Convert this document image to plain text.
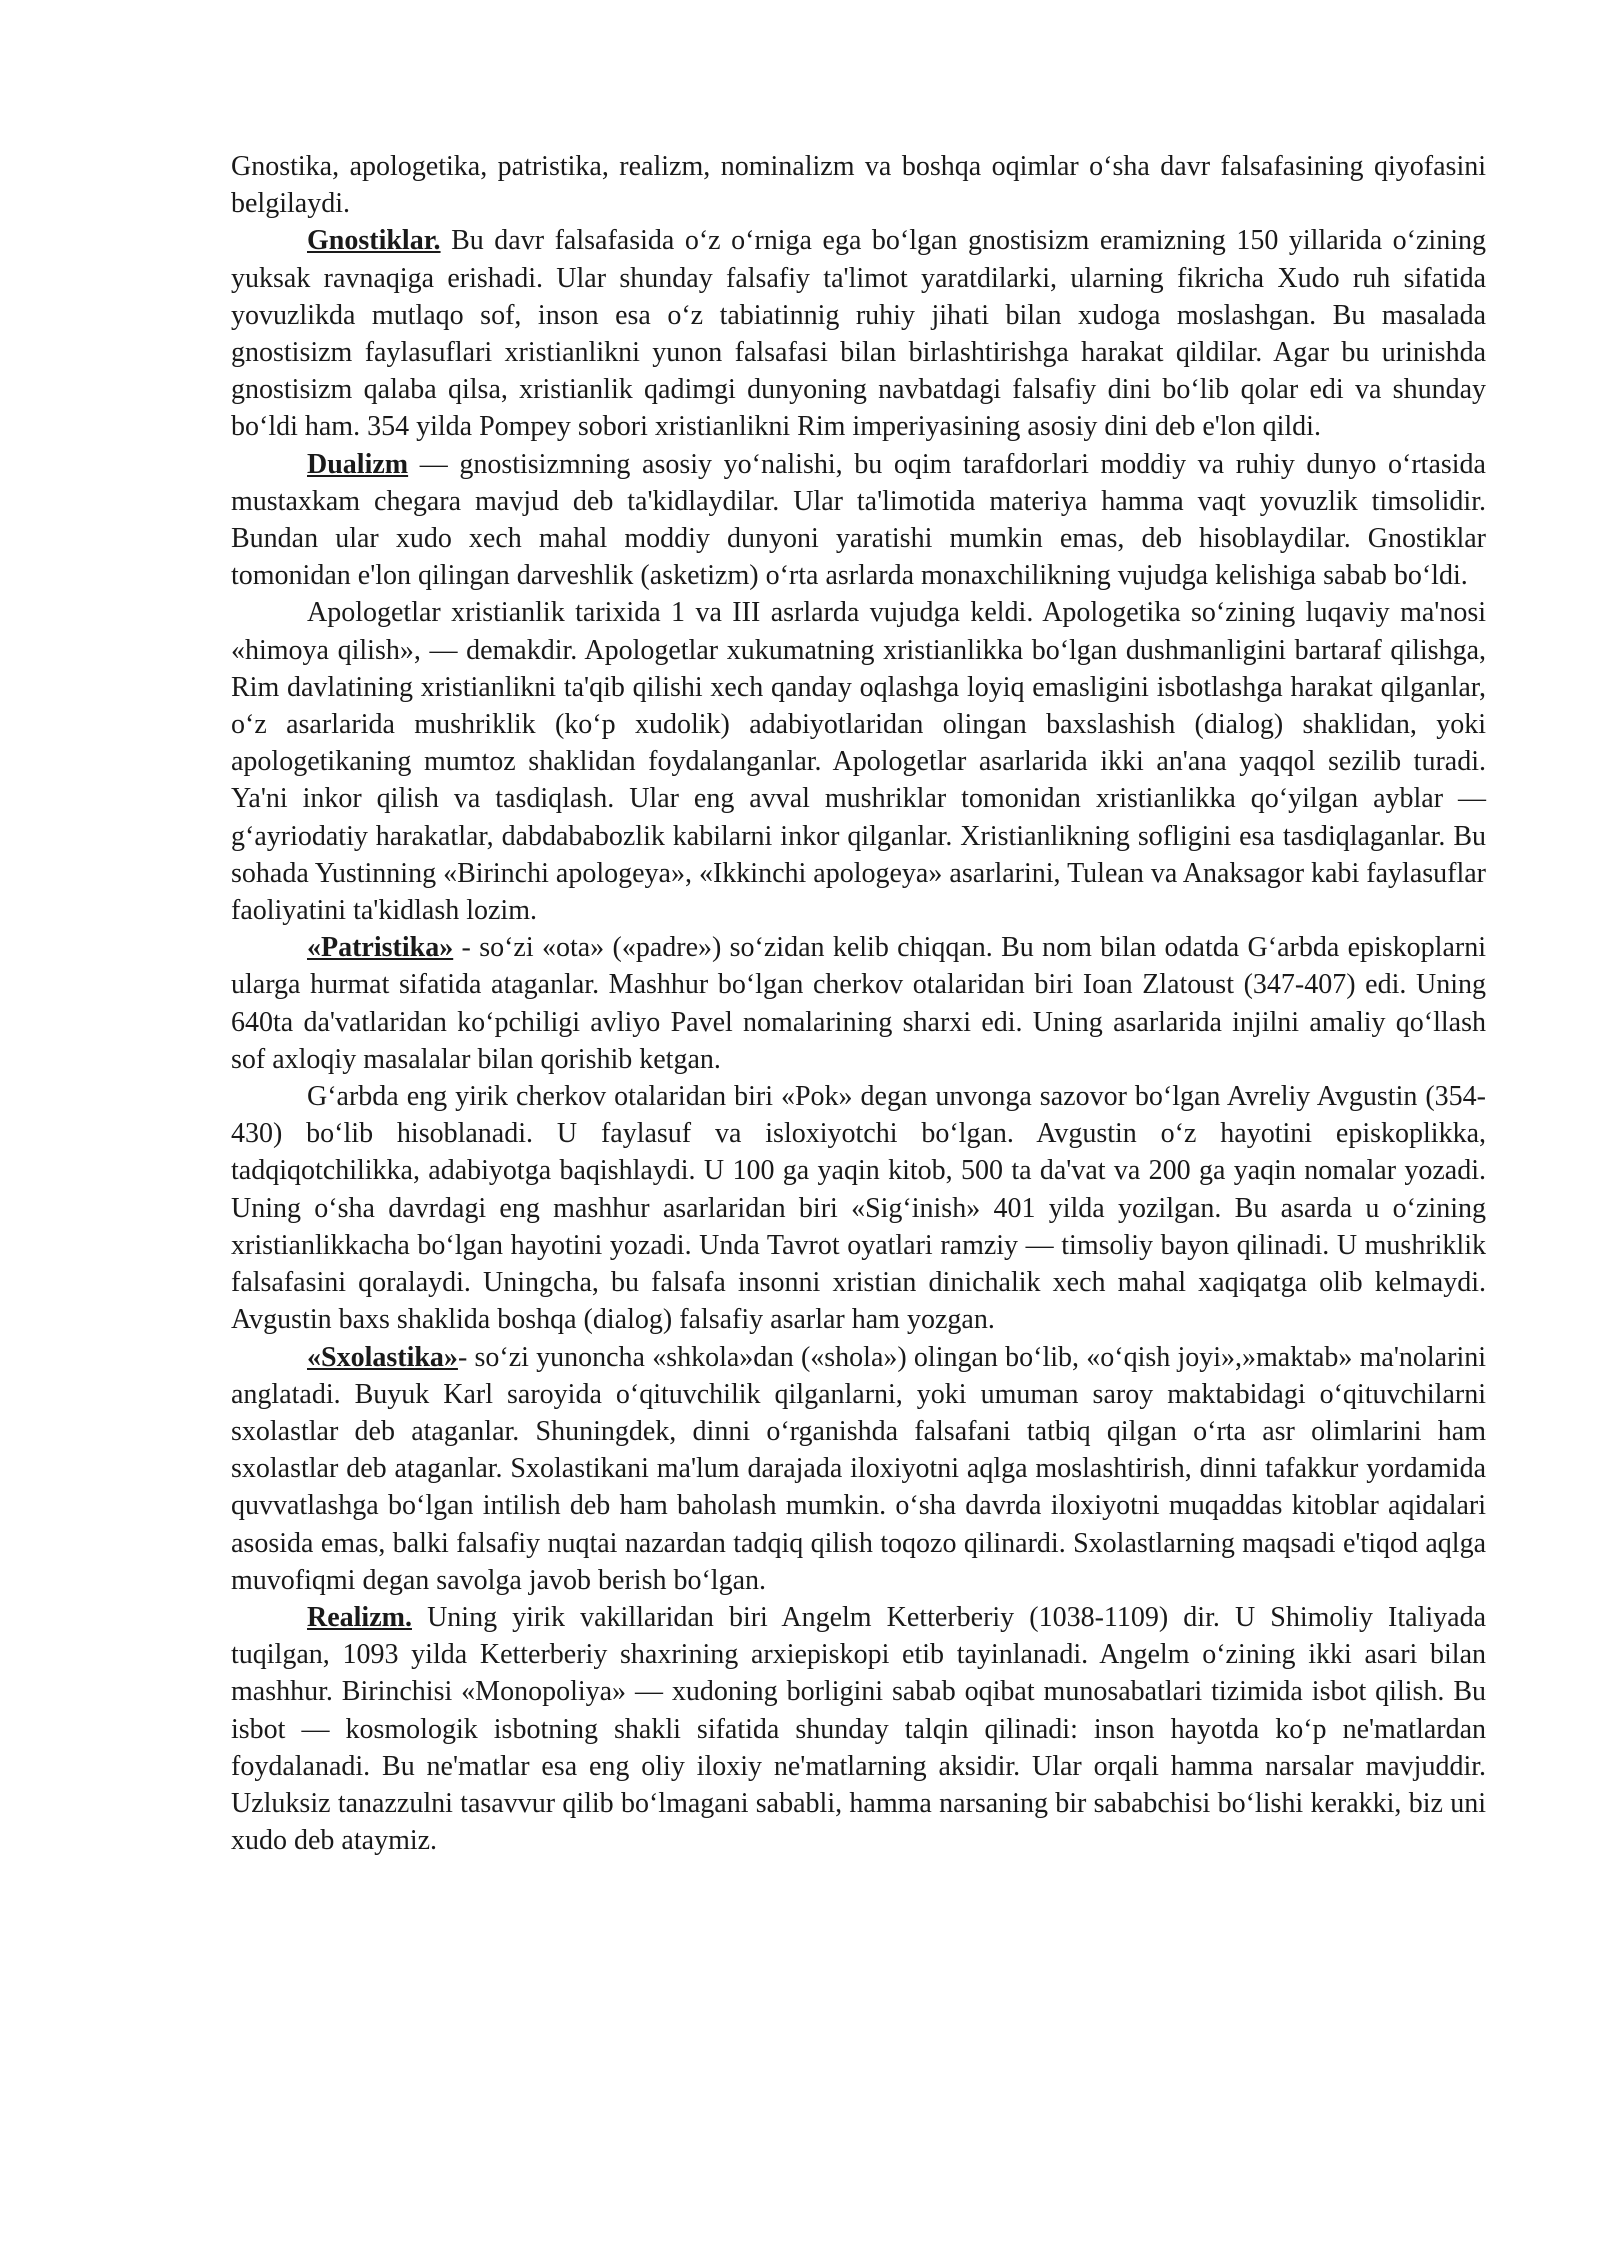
Gnostika, apologetika, patristika, realizm, nominalizm va boshqa oqimlar o‘sha davr falsafasining qiyofasini belgilaydi.

Gnostiklar. Bu davr falsafasida o‘z o‘rniga ega bo‘lgan gnostisizm eramizning 150 yillarida o‘zining yuksak ravnaqiga erishadi. Ular shunday falsafiy ta'limot yaratdilarki, ularning fikricha Xudo ruh sifatida yovuzlikda mutlaqo sof, inson esa o‘z tabiatinnig ruhiy jihati bilan xudoga moslashgan. Bu masalada gnostisizm faylasuflari xristianlikni yunon falsafasi bilan birlashtirishga harakat qildilar. Agar bu urinishda gnostisizm qalaba qilsa, xristianlik qadimgi dunyoning navbatdagi falsafiy dini bo‘lib qolar edi va shunday bo‘ldi ham. 354 yilda Pompey sobori xristianlikni Rim imperiyasining asosiy dini deb e'lon qildi.

Dualizm — gnostisizmning asosiy yo‘nalishi, bu oqim tarafdorlari moddiy va ruhiy dunyo o‘rtasida mustaxkam chegara mavjud deb ta'kidlaydilar. Ular ta'limotida materiya hamma vaqt yovuzlik timsolidir. Bundan ular xudo xech mahal moddiy dunyoni yaratishi mumkin emas, deb hisoblaydilar. Gnostiklar tomonidan e'lon qilingan darveshlik (asketizm) o‘rta asrlarda monaxchilikning vujudga kelishiga sabab bo‘ldi.

Apologetlar xristianlik tarixida 1 va III asrlarda vujudga keldi. Apologetika so‘zining luqaviy ma'nosi «himoya qilish», — demakdir. Apologetlar xukumatning xristianlikka bo‘lgan dushmanligini bartaraf qilishga, Rim davlatining xristianlikni ta'qib qilishi xech qanday oqlashga loyiq emasligini isbotlashga harakat qilganlar, o‘z asarlarida mushriklik (ko‘p xudolik) adabiyotlaridan olingan baxslashish (dialog) shaklidan, yoki apologetikaning mumtoz shaklidan foydalanganlar. Apologetlar asarlarida ikki an'ana yaqqol sezilib turadi. Ya'ni inkor qilish va tasdiqlash. Ular eng avval mushriklar tomonidan xristianlikka qo‘yilgan ayblar — g‘ayriodatiy harakatlar, dabdababozlik kabilarni inkor qilganlar. Xristianlikning sofligini esa tasdiqlaganlar. Bu sohada Yustinning «Birinchi apologeya», «Ikkinchi apologeya» asarlarini, Tulean va Anaksagor kabi faylasuflar faoliyatini ta'kidlash lozim.

«Patristika» - so‘zi «ota» («padre») so‘zidan kelib chiqqan. Bu nom bilan odatda G‘arbda episkoplarni ularga hurmat sifatida ataganlar. Mashhur bo‘lgan cherkov otalaridan biri Ioan Zlatoust (347-407) edi. Uning 640ta da'vatlaridan ko‘pchiligi avliyo Pavel nomalarining sharxi edi. Uning asarlarida injilni amaliy qo‘llash sof axloqiy masalalar bilan qorishib ketgan.

G‘arbda eng yirik cherkov otalaridan biri «Pok» degan unvonga sazovor bo‘lgan Avreliy Avgustin (354-430) bo‘lib hisoblanadi. U faylasuf va isloxiyotchi bo‘lgan. Avgustin o‘z hayotini episkoplikka, tadqiqotchilikka, adabiyotga baqishlaydi. U 100 ga yaqin kitob, 500 ta da'vat va 200 ga yaqin nomalar yozadi. Uning o‘sha davrdagi eng mashhur asarlaridan biri «Sig‘inish» 401 yilda yozilgan. Bu asarda u o‘zining xristianlikkacha bo‘lgan hayotini yozadi. Unda Tavrot oyatlari ramziy — timsoliy bayon qilinadi. U mushriklik falsafasini qoralaydi. Uningcha, bu falsafa insonni xristian dinichalik xech mahal xaqiqatga olib kelmaydi. Avgustin baxs shaklida boshqa (dialog) falsafiy asarlar ham yozgan.

«Sxolastika»- so‘zi yunoncha «shkola»dan («shola») olingan bo‘lib, «o‘qish joyi»,»maktab» ma'nolarini anglatadi. Buyuk Karl saroyida o‘qituvchilik qilganlarni, yoki umuman saroy maktabidagi o‘qituvchilarni sxolastlar deb ataganlar. Shuningdek, dinni o‘rganishda falsafani tatbiq qilgan o‘rta asr olimlarini ham sxolastlar deb ataganlar. Sxolastikani ma'lum darajada iloxiyotni aqlga moslashtirish, dinni tafakkur yordamida quvvatlashga bo‘lgan intilish deb ham baholash mumkin. o‘sha davrda iloxiyotni muqaddas kitoblar aqidalari asosida emas, balki falsafiy nuqtai nazardan tadqiq qilish toqozo qilinardi. Sxolastlarning maqsadi e'tiqod aqlga muvofiqmi degan savolga javob berish bo‘lgan.

Realizm. Uning yirik vakillaridan biri Angelm Ketterberiy (1038-1109) dir. U Shimoliy Italiyada tuqilgan, 1093 yilda Ketterberiy shaxrining arxiepiskopi etib tayinlanadi. Angelm o‘zining ikki asari bilan mashhur. Birinchisi «Monopoliya» — xudoning borligini sabab oqibat munosabatlari tizimida isbot qilish. Bu isbot — kosmologik isbotning shakli sifatida shunday talqin qilinadi: inson hayotda ko‘p ne'matlardan foydalanadi. Bu ne'matlar esa eng oliy iloxiy ne'matlarning aksidir. Ular orqali hamma narsalar mavjuddir. Uzluksiz tanazzulni tasavvur qilib bo‘lmagani sababli, hamma narsaning bir sababchisi bo‘lishi kerakki, biz uni xudo deb ataymiz.
